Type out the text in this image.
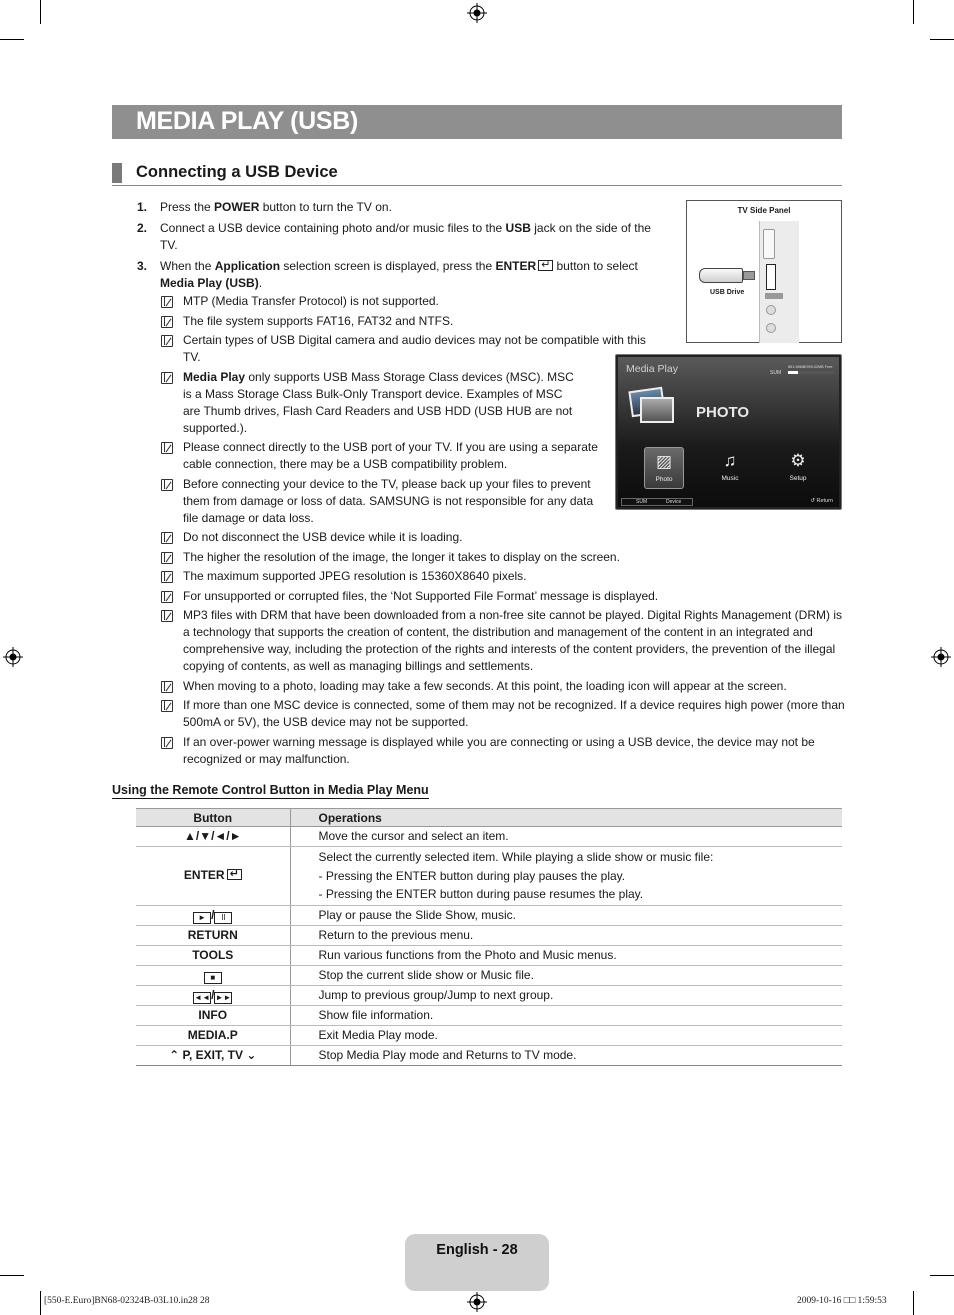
MEDIA PLAY (USB)
Connecting a USB Device
1. Press the POWER button to turn the TV on.
2. Connect a USB device containing photo and/or music files to the USB jack on the side of the TV.
3. When the Application selection screen is displayed, press the ENTER↵ button to select Media Play (USB).
MTP (Media Transfer Protocol) is not supported.
The file system supports FAT16, FAT32 and NTFS.
Certain types of USB Digital camera and audio devices may not be compatible with this TV.
Media Play only supports USB Mass Storage Class devices (MSC). MSC is a Mass Storage Class Bulk-Only Transport device. Examples of MSC are Thumb drives, Flash Card Readers and USB HDD (USB HUB are not supported.).
Please connect directly to the USB port of your TV. If you are using a separate cable connection, there may be a USB compatibility problem.
Before connecting your device to the TV, please back up your files to prevent them from damage or loss of data. SAMSUNG is not responsible for any data file damage or data loss.
Do not disconnect the USB device while it is loading.
The higher the resolution of the image, the longer it takes to display on the screen.
The maximum supported JPEG resolution is 15360X8640 pixels.
For unsupported or corrupted files, the ‘Not Supported File Format’ message is displayed.
MP3 files with DRM that have been downloaded from a non-free site cannot be played. Digital Rights Management (DRM) is a technology that supports the creation of content, the distribution and management of the content in an integrated and comprehensive way, including the protection of the rights and interests of the content providers, the prevention of the illegal copying of contents, as well as managing billings and settlements.
When moving to a photo, loading may take a few seconds. At this point, the loading icon will appear at the screen.
If more than one MSC device is connected, some of them may not be recognized. If a device requires high power (more than 500mA or 5V), the USB device may not be supported.
If an over-power warning message is displayed while you are connecting or using a USB device, the device may not be recognized or may malfunction.
TV Side Panel
USB Drive
Media Play	SUM
851.98MB/993.02MB Free
PHOTO
▨
Photo
♫
Music
⚙
Setup
SUM	Device	↺ Return
Using the Remote Control Button in Media Play Menu
Button	Operations
▲/▼/◄/►	Move the cursor and select an item.
ENTER↵	Select the currently selected item. While playing a slide show or music file:
- Pressing the ENTER button during play pauses the play.
- Pressing the ENTER button during pause resumes the play.

► / II	Play or pause the Slide Show, music.
RETURN	Return to the previous menu.
TOOLS	Run various functions from the Photo and Music menus.
■	Stop the current slide show or Music file.
◄◄/►►	Jump to previous group/Jump to next group.
INFO	Show file information.
MEDIA.P	Exit Media Play mode.
⌃ P, EXIT, TV ⌄	Stop Media Play mode and Returns to TV mode.
English - 28
[550-E.Euro]BN68-02324B-03L10.in28 28	2009-10-16 □□ 1:59:53
